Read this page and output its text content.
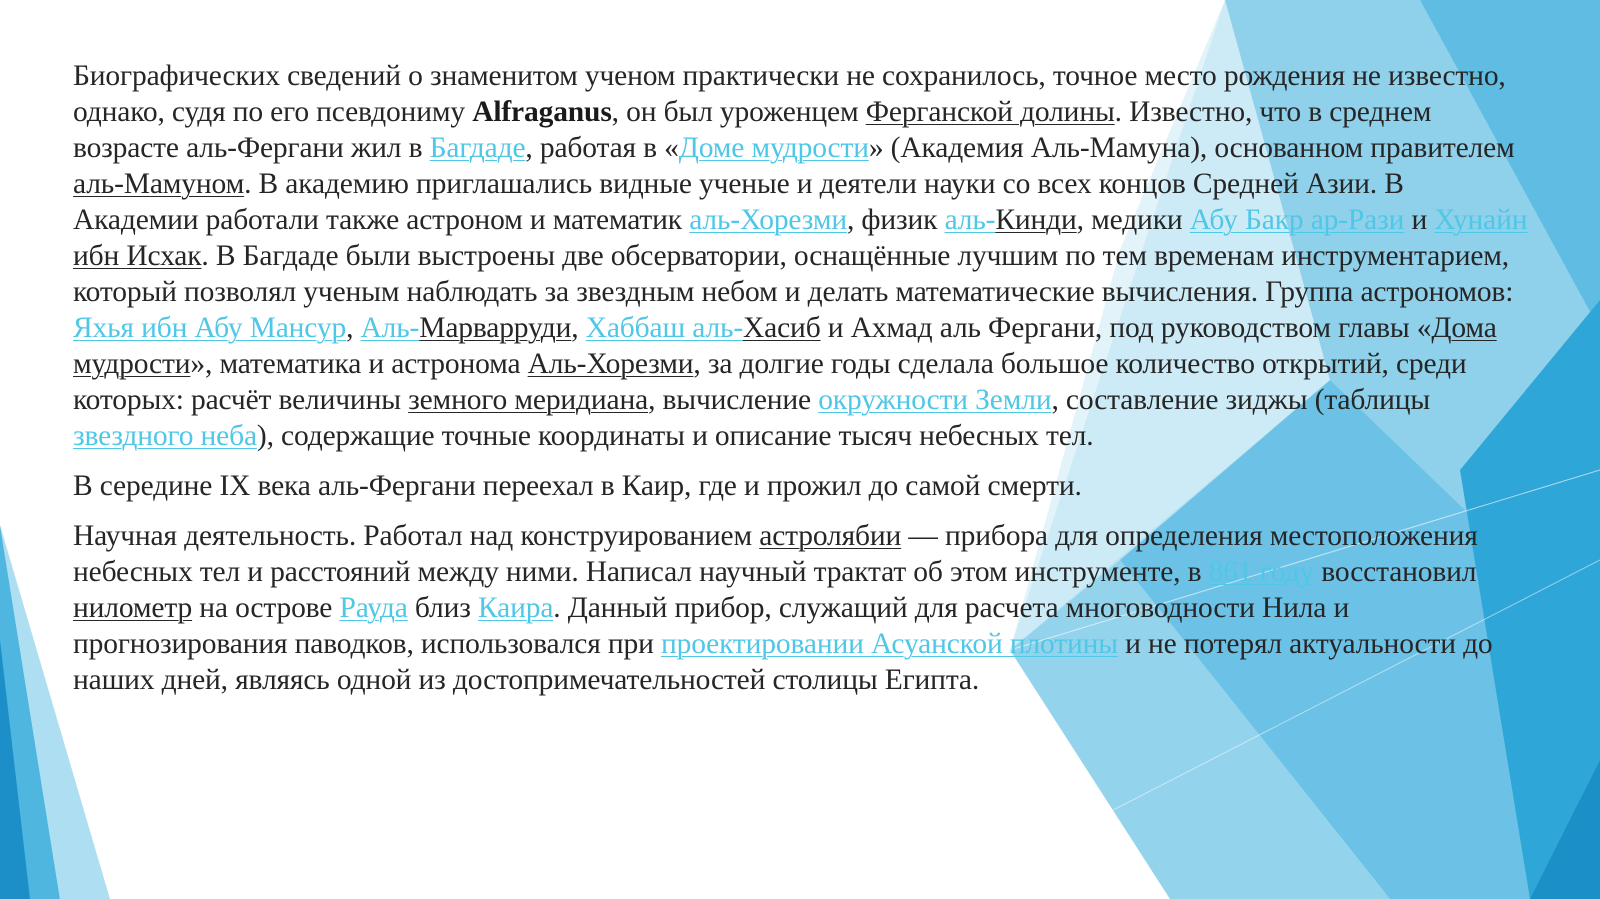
Биографических сведений о знаменитом ученом практически не сохранилось, точное место рождения не известно, однако, судя по его псевдониму Alfraganus, он был уроженцем Ферганской долины. Известно, что в среднем возрасте аль-Фергани жил в Багдаде, работая в «Доме мудрости» (Академия Аль-Мамуна), основанном правителем аль-Мамуном. В академию приглашались видные ученые и деятели науки со всех концов Средней Азии. В Академии работали также астроном и математик аль-Хорезми, физик аль-Кинди, медики Абу Бакр ар-Рази и Хунайн ибн Исхак. В Багдаде были выстроены две обсерватории, оснащённые лучшим по тем временам инструментарием, который позволял ученым наблюдать за звездным небом и делать математические вычисления. Группа астрономов: Яхья ибн Абу Мансур, Аль-Марварруди, Хаббаш аль-Хасиб и Ахмад аль Фергани, под руководством главы «Дома мудрости», математика и астронома Аль-Хорезми, за долгие годы сделала большое количество открытий, среди которых: расчёт величины земного меридиана, вычисление окружности Земли, составление зиджы (таблицы звездного неба), содержащие точные координаты и описание тысяч небесных тел.

В середине IX века аль-Фергани переехал в Каир, где и прожил до самой смерти.

Научная деятельность. Работал над конструированием астролябии — прибора для определения местоположения небесных тел и расстояний между ними. Написал научный трактат об этом инструменте, в 861 году восстановил нилометр на острове Рауда близ Каира. Данный прибор, служащий для расчета многоводности Нила и прогнозирования паводков, использовался при проектировании Асуанской плотины и не потерял актуальности до наших дней, являясь одной из достопримечательностей столицы Египта.
